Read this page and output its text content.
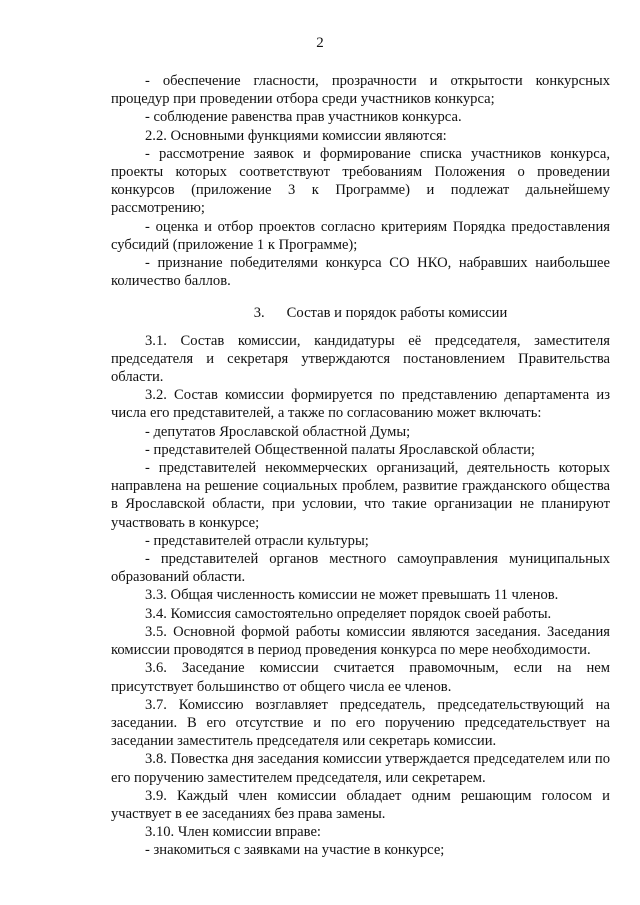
2

- обеспечение гласности, прозрачности и открытости конкурсных процедур при проведении отбора среди участников конкурса;

- соблюдение равенства прав участников конкурса.

2.2. Основными функциями комиссии являются:

- рассмотрение заявок и формирование списка участников конкурса, проекты которых соответствуют требованиям Положения о проведении конкурсов (приложение 3 к Программе) и подлежат дальнейшему рассмотрению;

- оценка и отбор проектов согласно критериям Порядка предоставления субсидий (приложение 1 к Программе);

- признание победителями конкурса СО НКО, набравших наибольшее количество баллов.

3. Состав и порядок работы комиссии

3.1. Состав комиссии, кандидатуры её председателя, заместителя председателя и секретаря утверждаются постановлением Правительства области.

3.2. Состав комиссии формируется по представлению департамента из числа его представителей, а также по согласованию может включать:

- депутатов Ярославской областной Думы;

- представителей Общественной палаты Ярославской области;

- представителей некоммерческих организаций, деятельность которых направлена на решение социальных проблем, развитие гражданского общества в Ярославской области, при условии, что такие организации не планируют участвовать в конкурсе;

- представителей отрасли культуры;

- представителей органов местного самоуправления муниципальных образований области.

3.3. Общая численность комиссии не может превышать 11 членов.

3.4. Комиссия самостоятельно определяет порядок своей работы.

3.5. Основной формой работы комиссии являются заседания. Заседания комиссии проводятся в период проведения конкурса по мере необходимости.

3.6. Заседание комиссии считается правомочным, если на нем присутствует большинство от общего числа ее членов.

3.7. Комиссию возглавляет председатель, председательствующий на заседании. В его отсутствие и по его поручению председательствует на заседании заместитель председателя или секретарь комиссии.

3.8. Повестка дня заседания комиссии утверждается председателем или по его поручению заместителем председателя, или секретарем.

3.9. Каждый член комиссии обладает одним решающим голосом и участвует в ее заседаниях без права замены.

3.10. Член комиссии вправе:

- знакомиться с заявками на участие в конкурсе;
